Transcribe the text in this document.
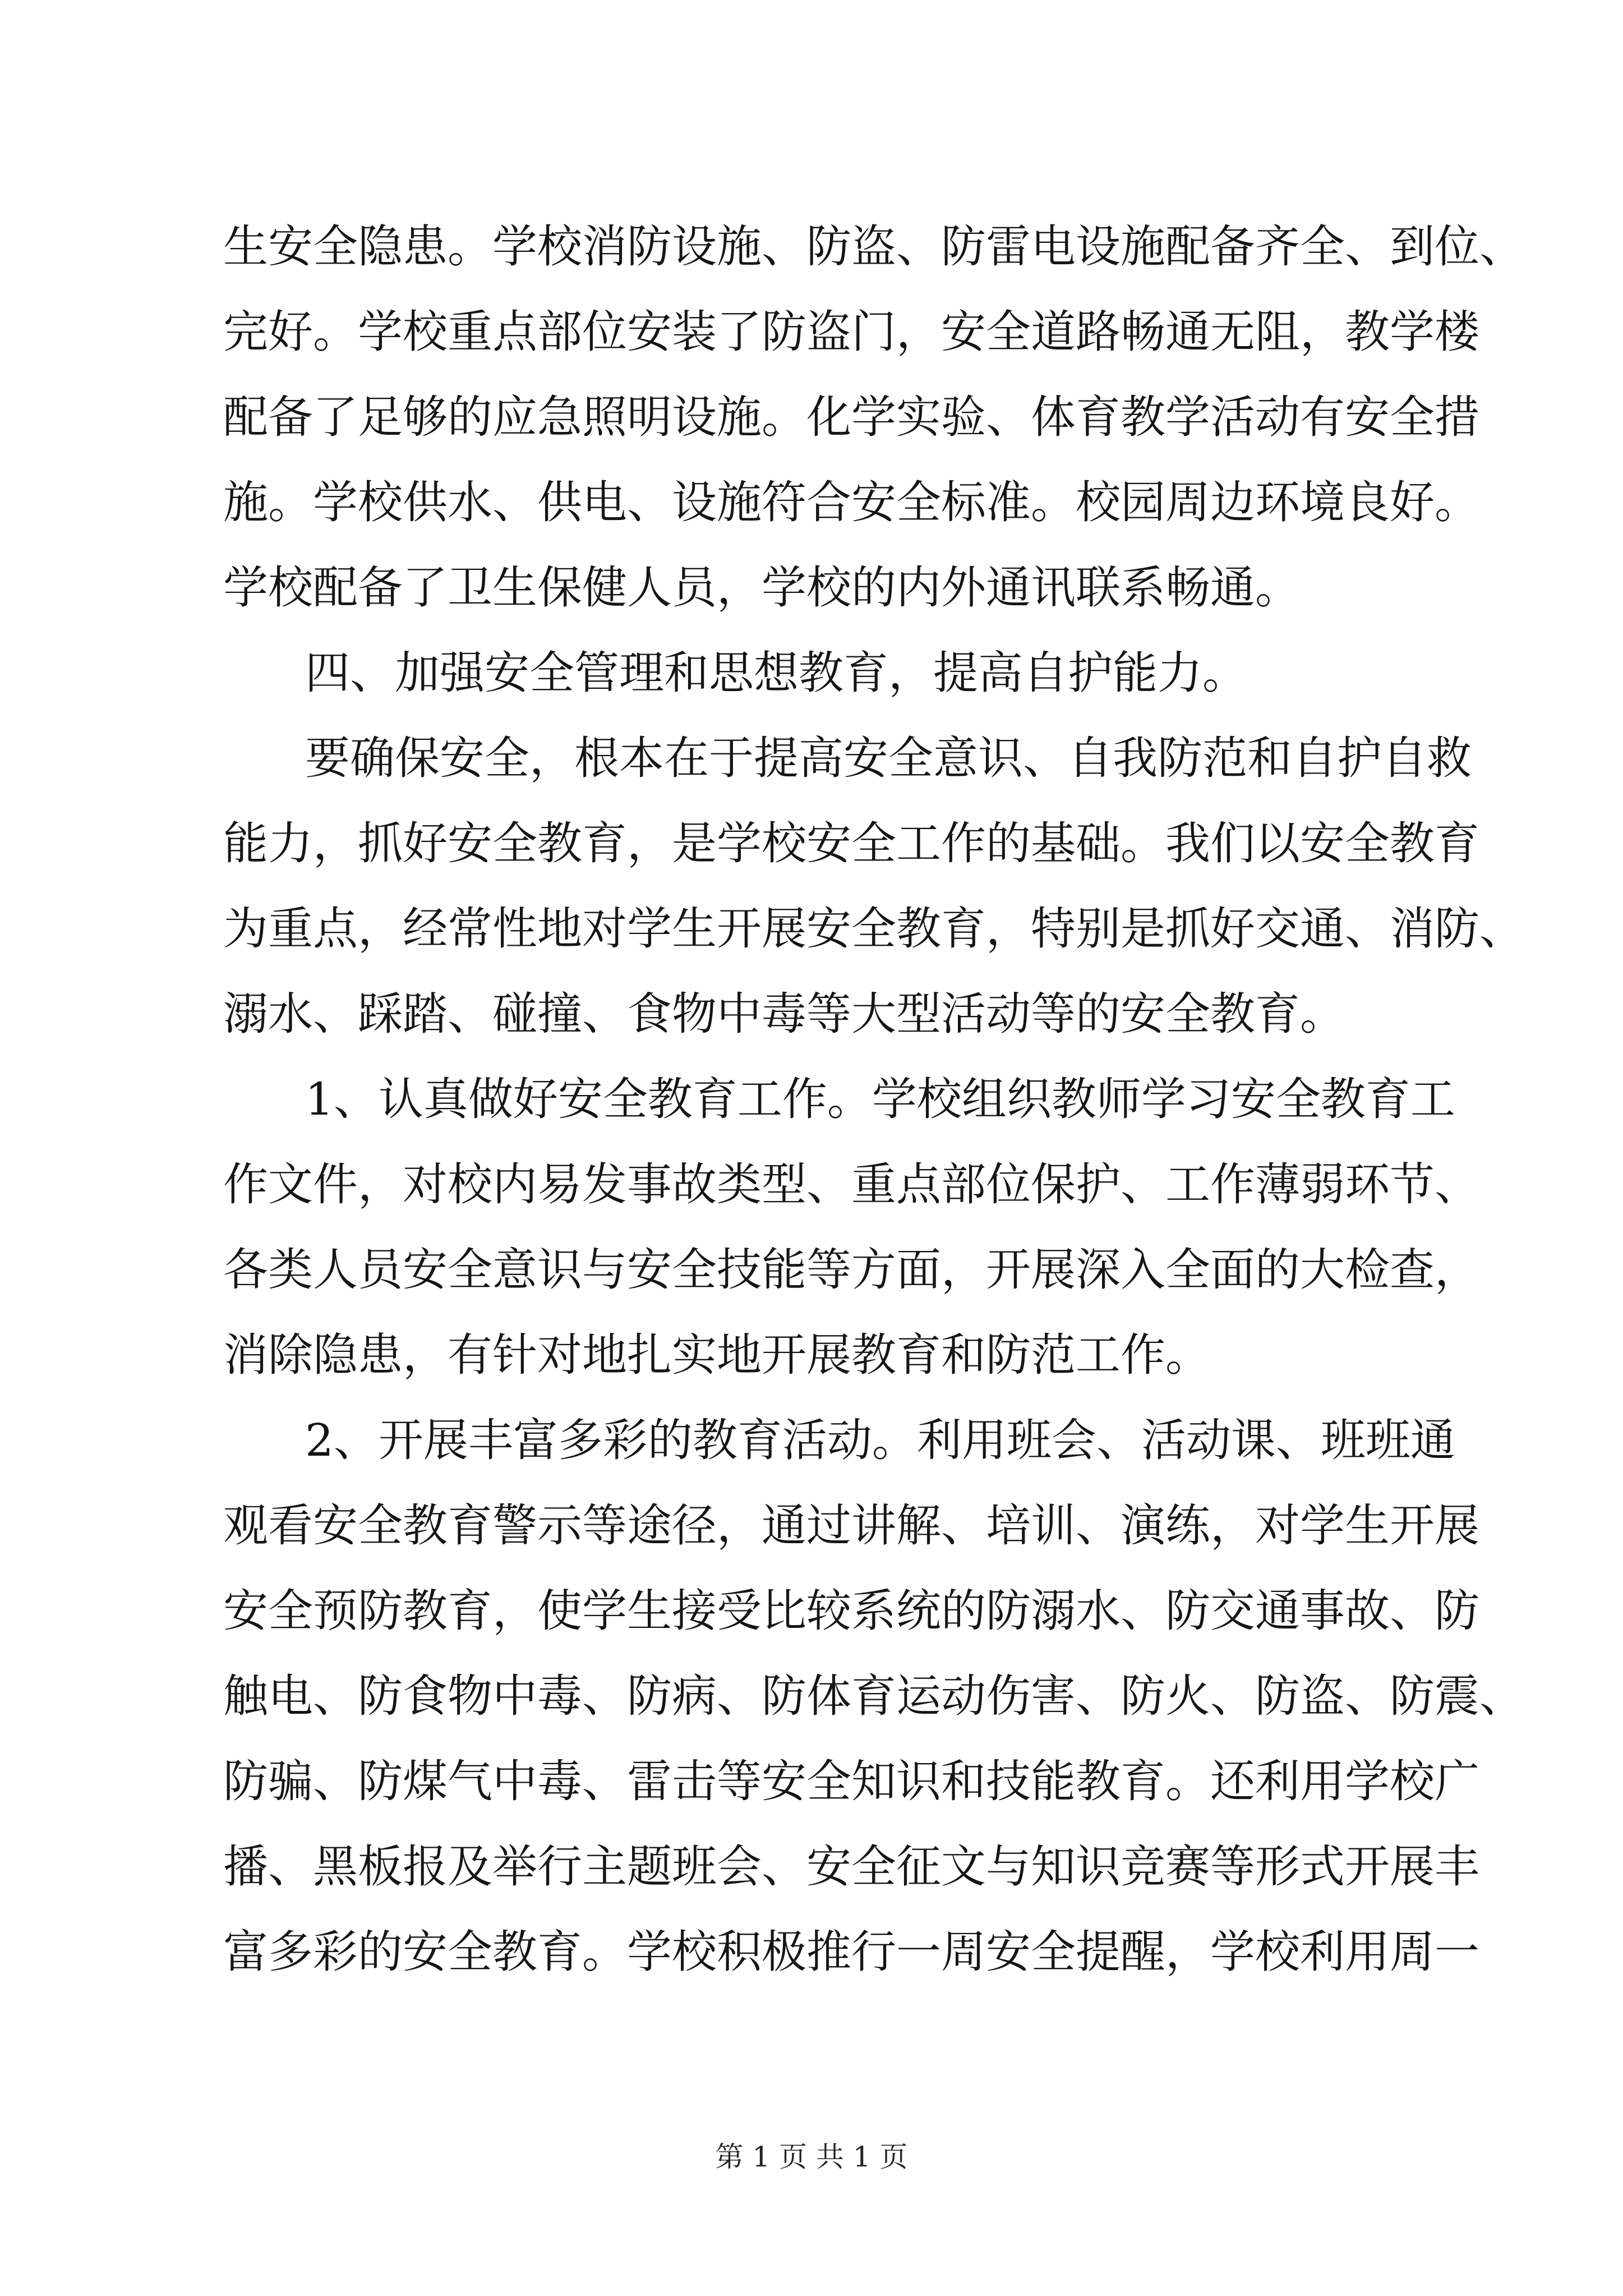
生安全隐患。学校消防设施、防盗、防雷电设施配备齐全、到位、
完好。学校重点部位安装了防盗门，安全道路畅通无阻，教学楼
配备了足够的应急照明设施。化学实验、体育教学活动有安全措
施。学校供水、供电、设施符合安全标准。校园周边环境良好。
学校配备了卫生保健人员，学校的内外通讯联系畅通。
四、加强安全管理和思想教育，提高自护能力。
要确保安全，根本在于提高安全意识、自我防范和自护自救
能力，抓好安全教育，是学校安全工作的基础。我们以安全教育
为重点，经常性地对学生开展安全教育，特别是抓好交通、消防、
溺水、踩踏、碰撞、食物中毒等大型活动等的安全教育。
1、认真做好安全教育工作。学校组织教师学习安全教育工
作文件，对校内易发事故类型、重点部位保护、工作薄弱环节、
各类人员安全意识与安全技能等方面，开展深入全面的大检查，
消除隐患，有针对地扎实地开展教育和防范工作。
2、开展丰富多彩的教育活动。利用班会、活动课、班班通
观看安全教育警示等途径，通过讲解、培训、演练，对学生开展
安全预防教育，使学生接受比较系统的防溺水、防交通事故、防
触电、防食物中毒、防病、防体育运动伤害、防火、防盗、防震、
防骗、防煤气中毒、雷击等安全知识和技能教育。还利用学校广
播、黑板报及举行主题班会、安全征文与知识竞赛等形式开展丰
富多彩的安全教育。学校积极推行一周安全提醒，学校利用周一
第 1 页 共 1 页
